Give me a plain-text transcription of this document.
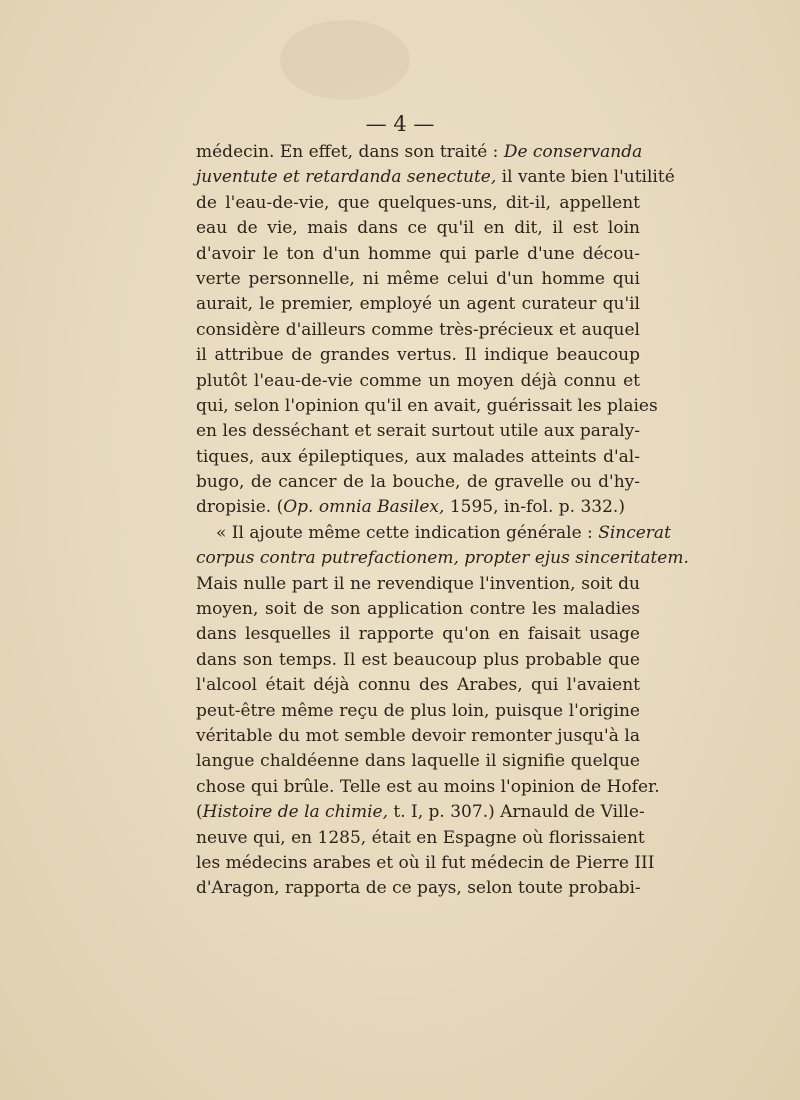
— 4 —
médecin. En effet, dans son traité : De conservanda
juventute et retardanda senectute, il vante bien l'utilité
de l'eau-de-vie, que quelques-uns, dit-il, appellent
eau de vie, mais dans ce qu'il en dit, il est loin
d'avoir le ton d'un homme qui parle d'une décou-
verte personnelle, ni même celui d'un homme qui
aurait, le premier, employé un agent curateur qu'il
considère d'ailleurs comme très-précieux et auquel
il attribue de grandes vertus. Il indique beaucoup
plutôt l'eau-de-vie comme un moyen déjà connu et
qui, selon l'opinion qu'il en avait, guérissait les plaies
en les desséchant et serait surtout utile aux paraly-
tiques, aux épileptiques, aux malades atteints d'al-
bugo, de cancer de la bouche, de gravelle ou d'hy-
dropisie. (Op. omnia Basilex, 1595, in-fol. p. 332.)
« Il ajoute même cette indication générale : Sincerat
corpus contra putrefactionem, propter ejus sinceritatem.
Mais nulle part il ne revendique l'invention, soit du
moyen, soit de son application contre les maladies
dans lesquelles il rapporte qu'on en faisait usage
dans son temps. Il est beaucoup plus probable que
l'alcool était déjà connu des Arabes, qui l'avaient
peut-être même reçu de plus loin, puisque l'origine
véritable du mot semble devoir remonter jusqu'à la
langue chaldéenne dans laquelle il signifie quelque
chose qui brûle. Telle est au moins l'opinion de Hofer.
(Histoire de la chimie, t. I, p. 307.) Arnauld de Ville-
neuve qui, en 1285, était en Espagne où florissaient
les médecins arabes et où il fut médecin de Pierre III
d'Aragon, rapporta de ce pays, selon toute probabi-
